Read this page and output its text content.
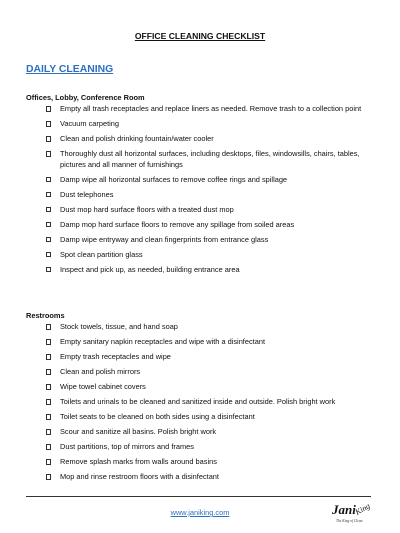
OFFICE CLEANING CHECKLIST
DAILY CLEANING
Offices, Lobby, Conference Room
Empty all trash receptacles and replace liners as needed. Remove trash to a collection point
Vacuum carpeting
Clean and polish drinking fountain/water cooler
Thoroughly dust all horizontal surfaces, including desktops, files, windowsills, chairs, tables, pictures and all manner of furnishings
Damp wipe all horizontal surfaces to remove coffee rings and spillage
Dust telephones
Dust mop hard surface floors with a treated dust mop
Damp mop hard surface floors to remove any spillage from soiled areas
Damp wipe entryway and clean fingerprints from entrance glass
Spot clean partition glass
Inspect and pick up, as needed, building entrance area
Restrooms
Stock towels, tissue, and hand soap
Empty sanitary napkin receptacles and wipe with a disinfectant
Empty trash receptacles and wipe
Clean and polish mirrors
Wipe towel cabinet covers
Toilets and urinals to be cleaned and sanitized inside and outside. Polish bright work
Toilet seats to be cleaned on both sides using a disinfectant
Scour and sanitize all basins. Polish bright work
Dust partitions, top of mirrors and frames
Remove splash marks from walls around basins
Mop and rinse restroom floors with a disinfectant
www.janiking.com	Jani
King
The King of Clean
